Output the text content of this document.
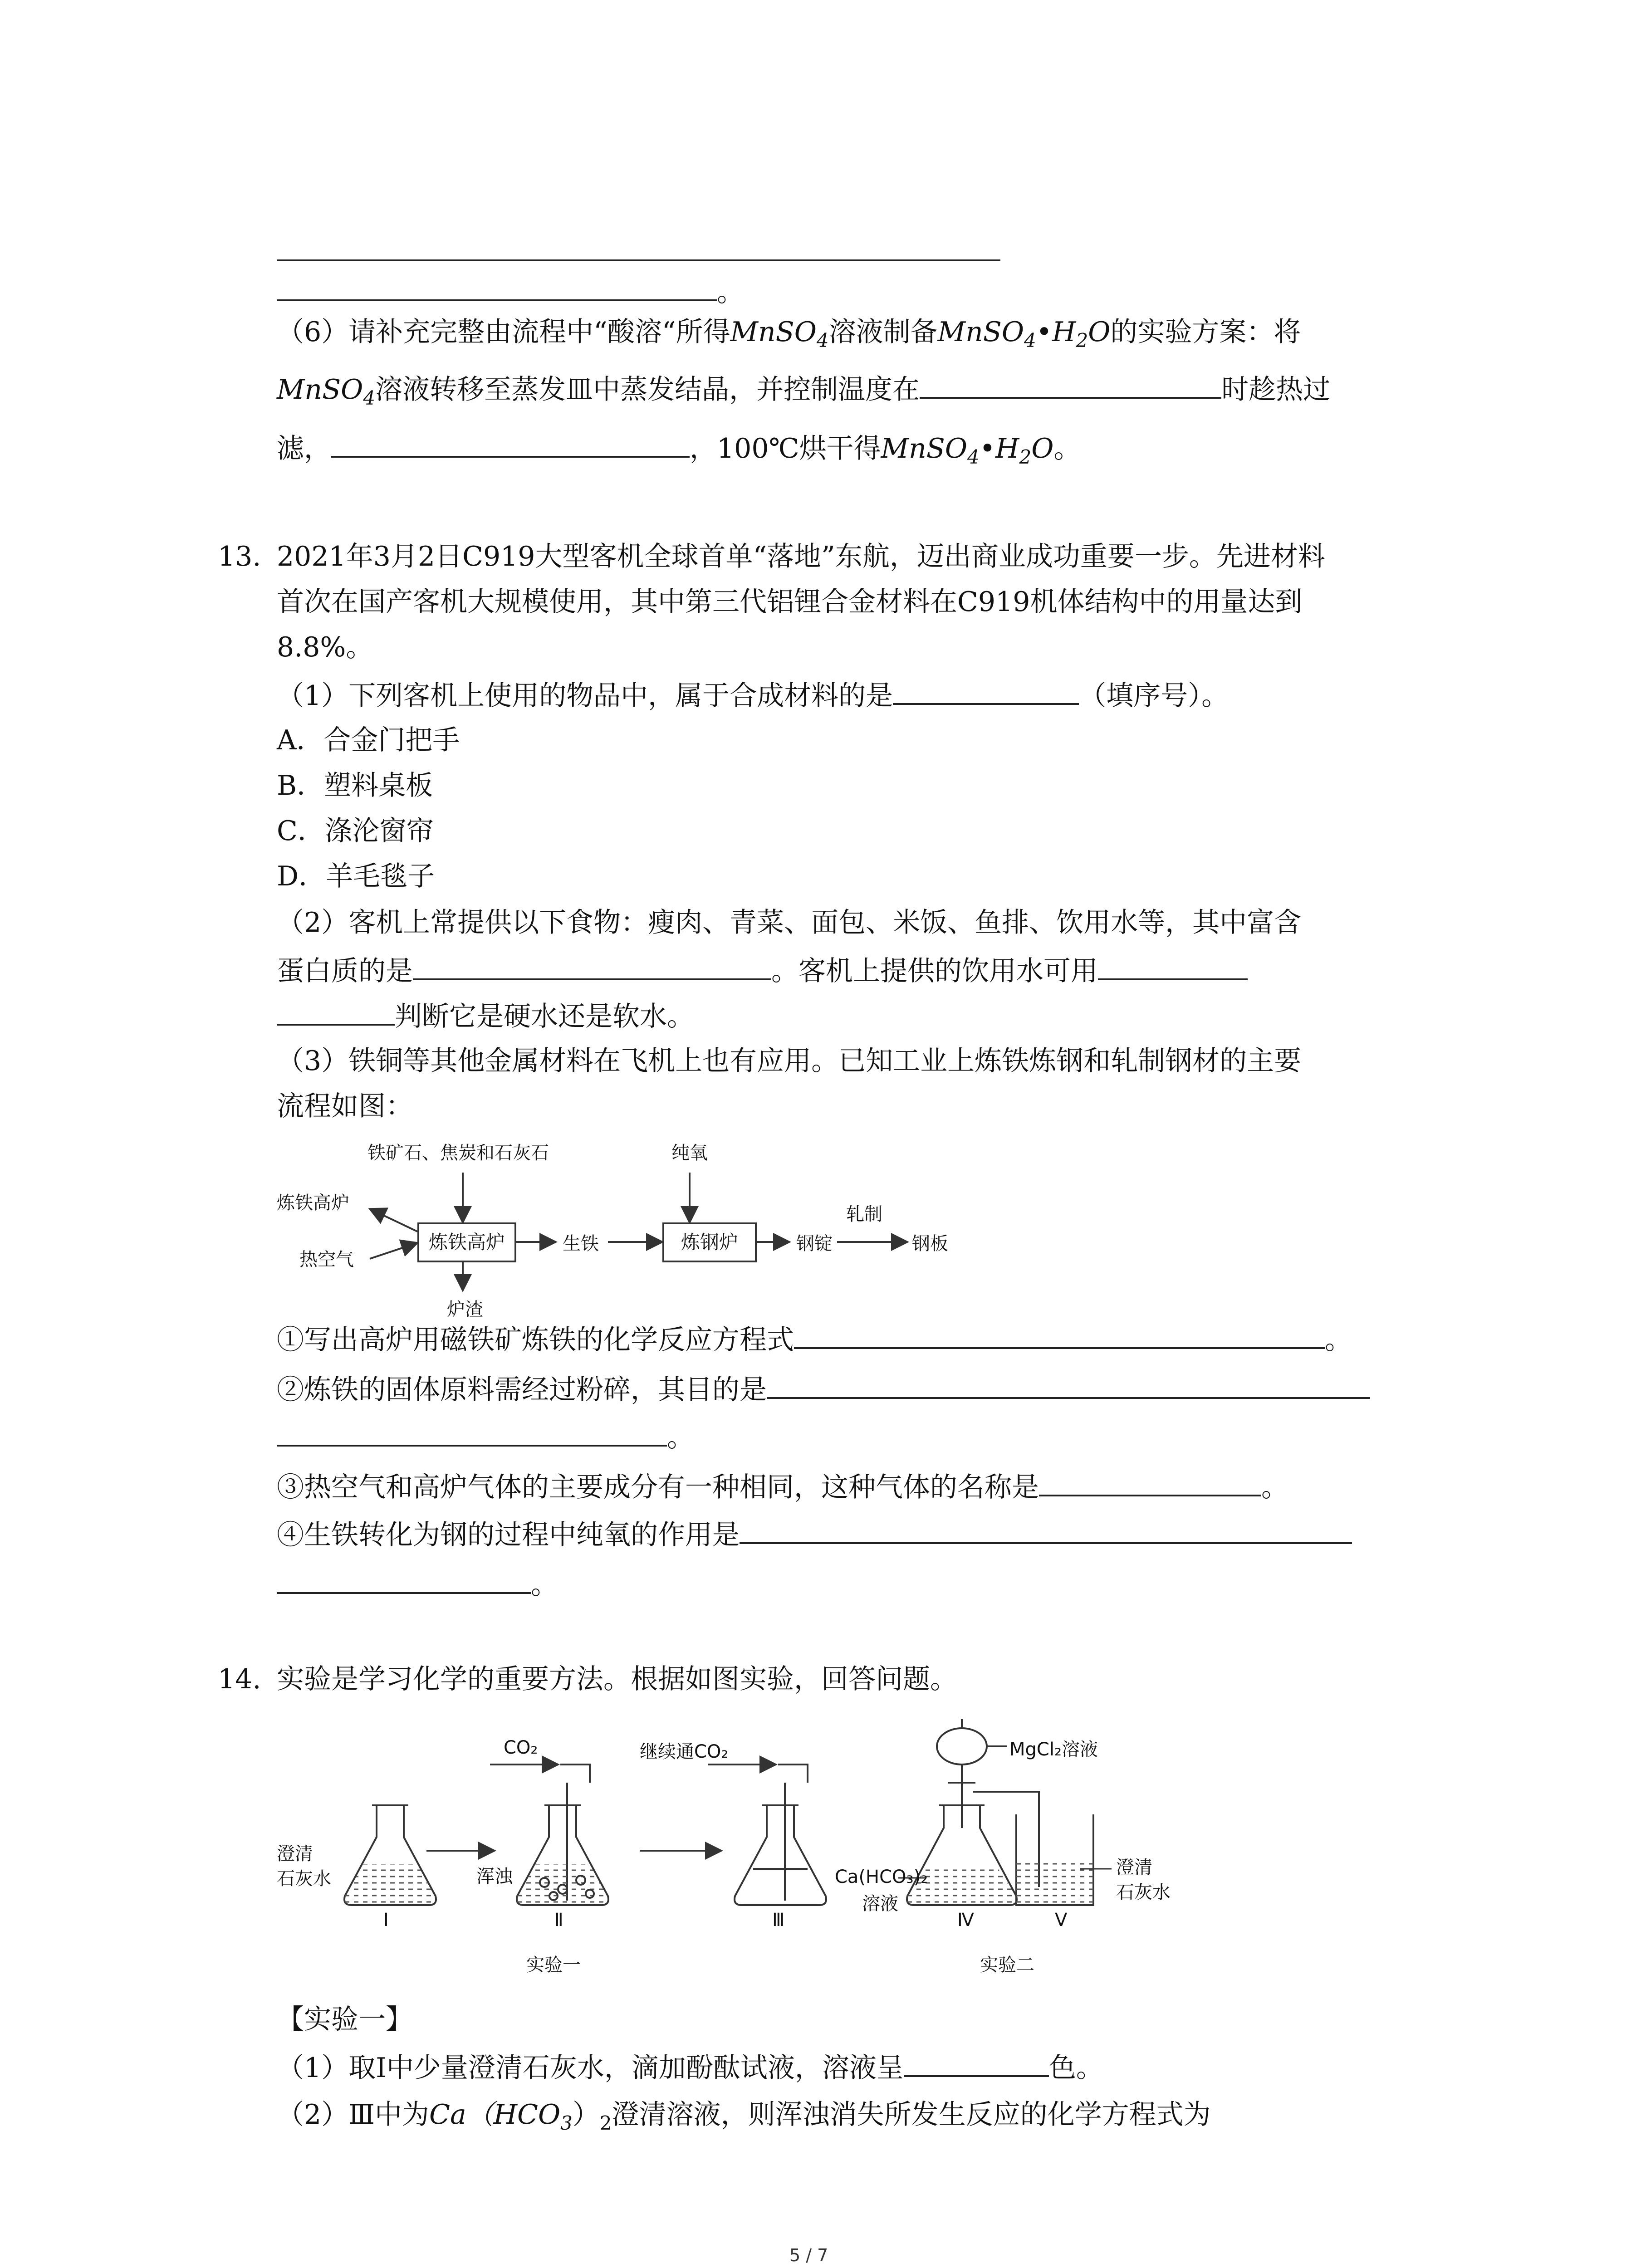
。
（6）请补充完整由流程中“酸溶“所得MnSO$_4$溶液制备$MnSO_4•H_2O$的实验方案：将
MnSO$_4$溶液转移至蒸发皿中蒸发结晶，并控制温度在	时趁热过
滤，	，100℃烘干得$MnSO_4•H_2O$。
13. 2021年3月2日C919大型客机全球首单“落地”东航，迈出商业成功重要一步。先进材料
首次在国产客机大规模使用，其中第三代铝锂合金材料在C919机体结构中的用量达到
8.8%。
（1）下列客机上使用的物品中，属于合成材料的是	（填序号）。
A．合金门把手
B．塑料桌板
C．涤沦窗帘
D．羊毛毯子
（2）客机上常提供以下食物：瘦肉、青菜、面包、米饭、鱼排、饮用水等，其中富含
蛋白质的是	。客机上提供的饮用水可用
判断它是硬水还是软水。
（3）铁铜等其他金属材料在飞机上也有应用。已知工业上炼铁炼钢和轧制钢材的主要
流程如图：
铁矿石、焦炭和石灰石
炼铁高炉
热空气
炼铁高炉
炉渣
生铁
纯氧
炼钢炉	钢锭
轧制
钢板
①写出高炉用磁铁矿炼铁的化学反应方程式	。
②炼铁的固体原料需经过粉碎，其目的是
。
③热空气和高炉气体的主要成分有一种相同，这种气体的名称是	。
④生铁转化为钢的过程中纯氧的作用是
。
14. 实验是学习化学的重要方法。根据如图实验，回答问题。
CO₂	继续通CO₂
澄清
石灰水	浑浊
Ⅰ	Ⅱ	Ⅲ
实验一
MgCl₂溶液
Ca(HCO₃)₂
溶液
Ⅳ	Ⅴ
澄清
石灰水
实验二
【实验一】
（1）取Ⅰ中少量澄清石灰水，滴加酚酞试液，溶液呈	色。
（2）Ⅲ中为$Ca(HCO_3)_2$澄清溶液，则浑浊消失所发生反应的化学方程式为
5 / 7
